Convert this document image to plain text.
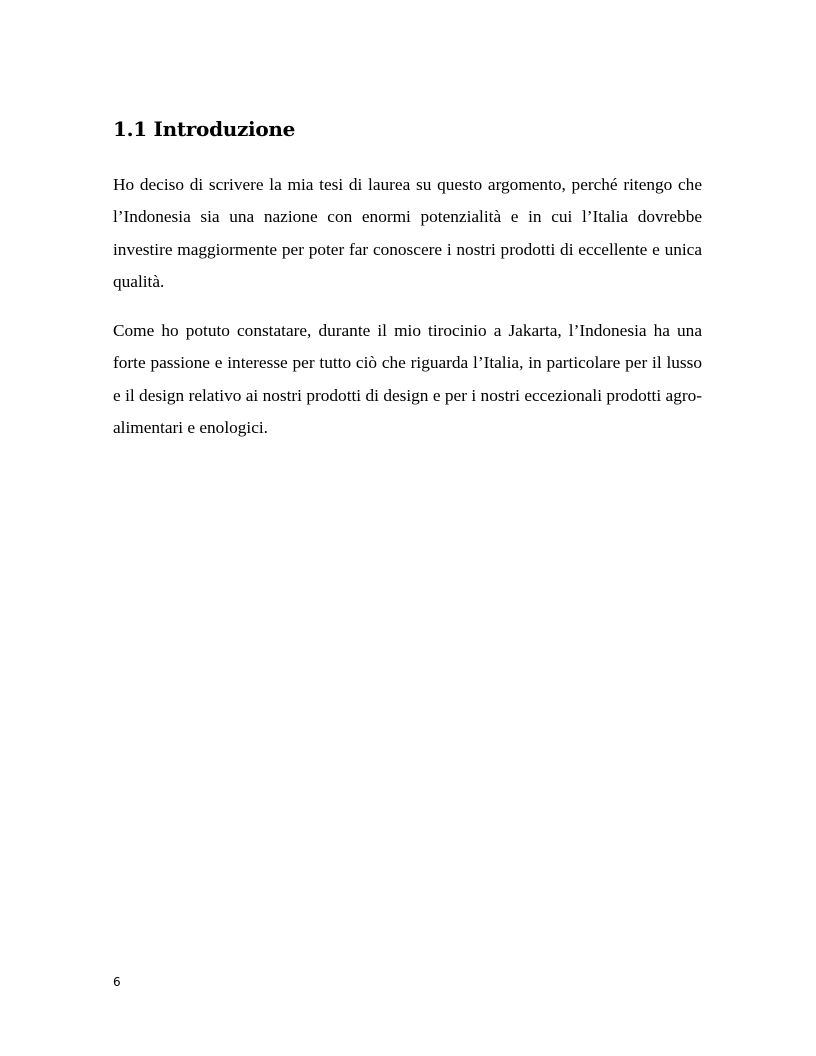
1.1 Introduzione

Ho deciso di scrivere la mia tesi di laurea su questo argomento, perché ritengo che l’Indonesia sia una nazione con enormi potenzialità e in cui l’Italia dovrebbe investire maggiormente per poter far conoscere i nostri prodotti di eccellente e unica qualità.

Come ho potuto constatare, durante il mio tirocinio a Jakarta, l’Indonesia ha una forte passione e interesse per tutto ciò che riguarda l’Italia, in particolare per il lusso e il design relativo ai nostri prodotti di design e per i nostri eccezionali prodotti agro-alimentari e enologici.

6
